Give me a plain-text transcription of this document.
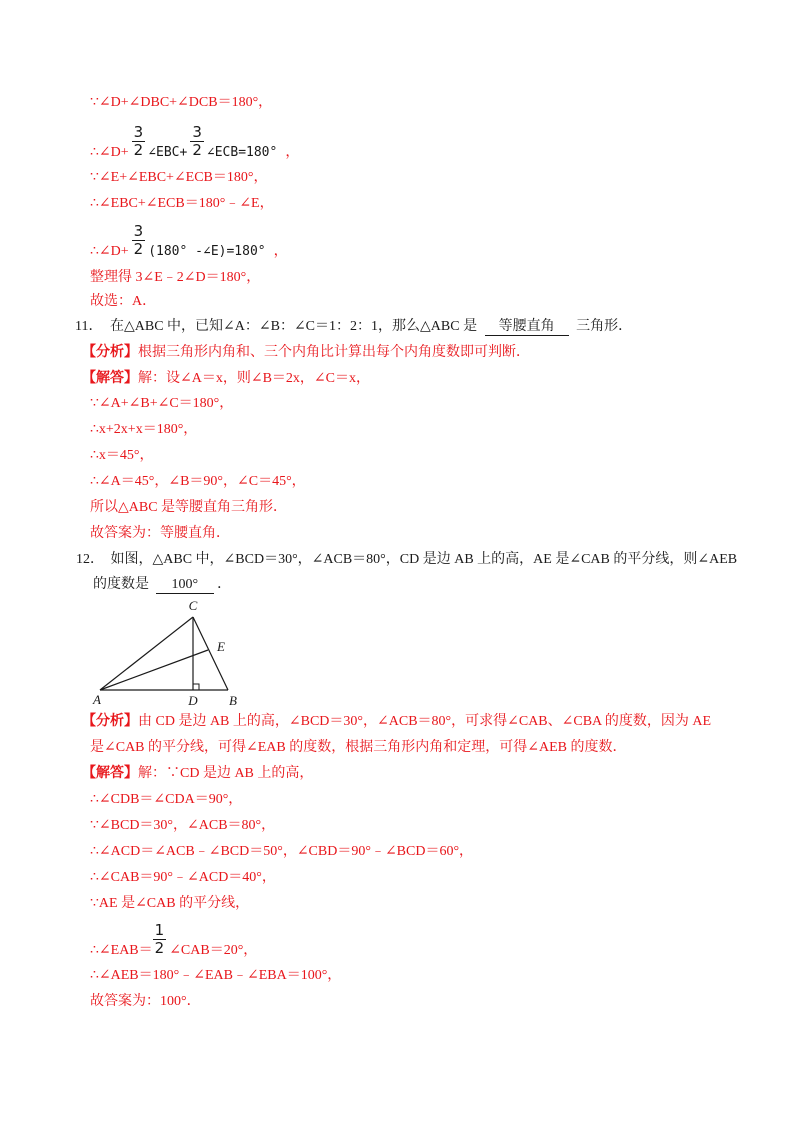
∵∠D+∠DBC+∠DCB＝180°，
∴∠D+ $\frac{3}{2}$ ∠EBC+ $\frac{3}{2}$ ∠ECB=180° ，
∵∠E+∠EBC+∠ECB＝180°，
∴∠EBC+∠ECB＝180°﹣∠E，
∴∠D+ $\frac{3}{2} (180^\circ$ -∠E)=180° ，
整理得 3∠E﹣2∠D＝180°，
故选：A．
11． 在△ABC 中，已知∠A：∠B：∠C＝1：2：1，那么△ABC 是 等腰直角 三角形．
【分析】根据三角形内角和、三个内角比计算出每个内角度数即可判断．
【解答】解：设∠A＝x，则∠B＝2x，∠C＝x，
∵∠A+∠B+∠C＝180°，
∴x+2x+x＝180°，
∴x＝45°，
∴∠A＝45°，∠B＝90°，∠C＝45°，
所以△ABC 是等腰直角三角形．
故答案为：等腰直角．
12． 如图，△ABC 中，∠BCD＝30°，∠ACB＝80°，CD 是边 AB 上的高，AE 是∠CAB 的平分线，则∠AEB
的度数是 100° ．
C
E
A	D B
【分析】由 CD 是边 AB 上的高，∠BCD＝30°，∠ACB＝80°，可求得∠CAB、∠CBA 的度数，因为 AE
是∠CAB 的平分线，可得∠EAB 的度数，根据三角形内角和定理，可得∠AEB 的度数．
【解答】解：∵CD 是边 AB 上的高，
∴∠CDB＝∠CDA＝90°，
∵∠BCD＝30°，∠ACB＝80°，
∴∠ACD＝∠ACB﹣∠BCD＝50°，∠CBD＝90°﹣∠BCD＝60°，
∴∠CAB＝90°﹣∠ACD＝40°，
∵AE 是∠CAB 的平分线，
∴∠EAB＝ $\frac{1}{2}$ ∠CAB＝20°，
∴∠AEB＝180°﹣∠EAB﹣∠EBA＝100°，
故答案为：100°．
